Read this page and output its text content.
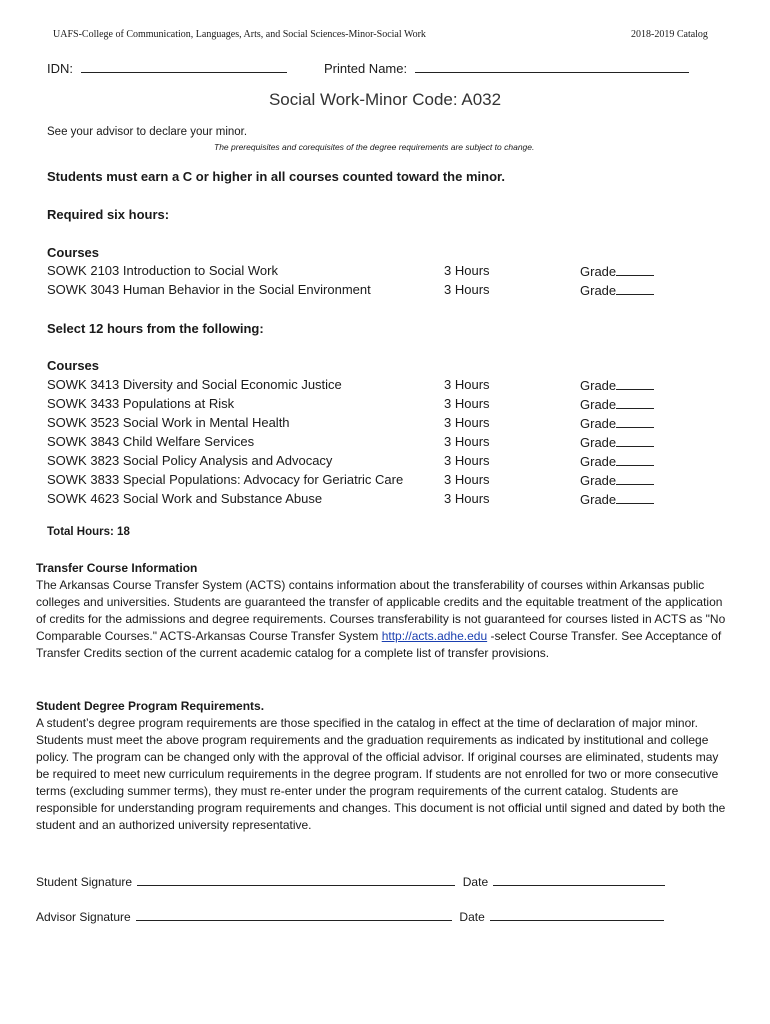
UAFS-College of Communication, Languages, Arts, and Social Sciences-Minor-Social Work	2018-2019 Catalog
IDN:	Printed Name:
Social Work-Minor Code: A032
See your advisor to declare your minor.
The prerequisites and corequisites of the degree requirements are subject to change.
Students must earn a C or higher in all courses counted toward the minor.
Required six hours:
Courses
SOWK 2103 Introduction to Social Work	3 Hours	Grade
SOWK 3043 Human Behavior in the Social Environment	3 Hours	Grade
Select 12 hours from the following:
Courses
SOWK 3413 Diversity and Social Economic Justice	3 Hours	Grade
SOWK 3433 Populations at Risk	3 Hours	Grade
SOWK 3523 Social Work in Mental Health	3 Hours	Grade
SOWK 3843 Child Welfare Services	3 Hours	Grade
SOWK 3823 Social Policy Analysis and Advocacy	3 Hours	Grade
SOWK 3833 Special Populations: Advocacy for Geriatric Care	3 Hours	Grade
SOWK 4623 Social Work and Substance Abuse	3 Hours	Grade
Total Hours: 18

Transfer Course Information

The Arkansas Course Transfer System (ACTS) contains information about the transferability of courses within Arkansas public colleges and universities. Students are guaranteed the transfer of applicable credits and the equitable treatment of the application of credits for the admissions and degree requirements. Courses transferability is not guaranteed for courses listed in ACTS as "No Comparable Courses." ACTS-Arkansas Course Transfer System http://acts.adhe.edu -select Course Transfer. See Acceptance of Transfer Credits section of the current academic catalog for a complete list of transfer provisions.

Student Degree Program Requirements.

A student’s degree program requirements are those specified in the catalog in effect at the time of declaration of major minor. Students must meet the above program requirements and the graduation requirements as indicated by institutional and college policy. The program can be changed only with the approval of the official advisor. If original courses are eliminated, students may be required to meet new curriculum requirements in the degree program. If students are not enrolled for two or more consecutive terms (excluding summer terms), they must re-enter under the program requirements of the current catalog. Students are responsible for understanding program requirements and changes. This document is not official until signed and dated by both the student and an authorized university representative.

Student Signature	Date
Advisor Signature	Date
